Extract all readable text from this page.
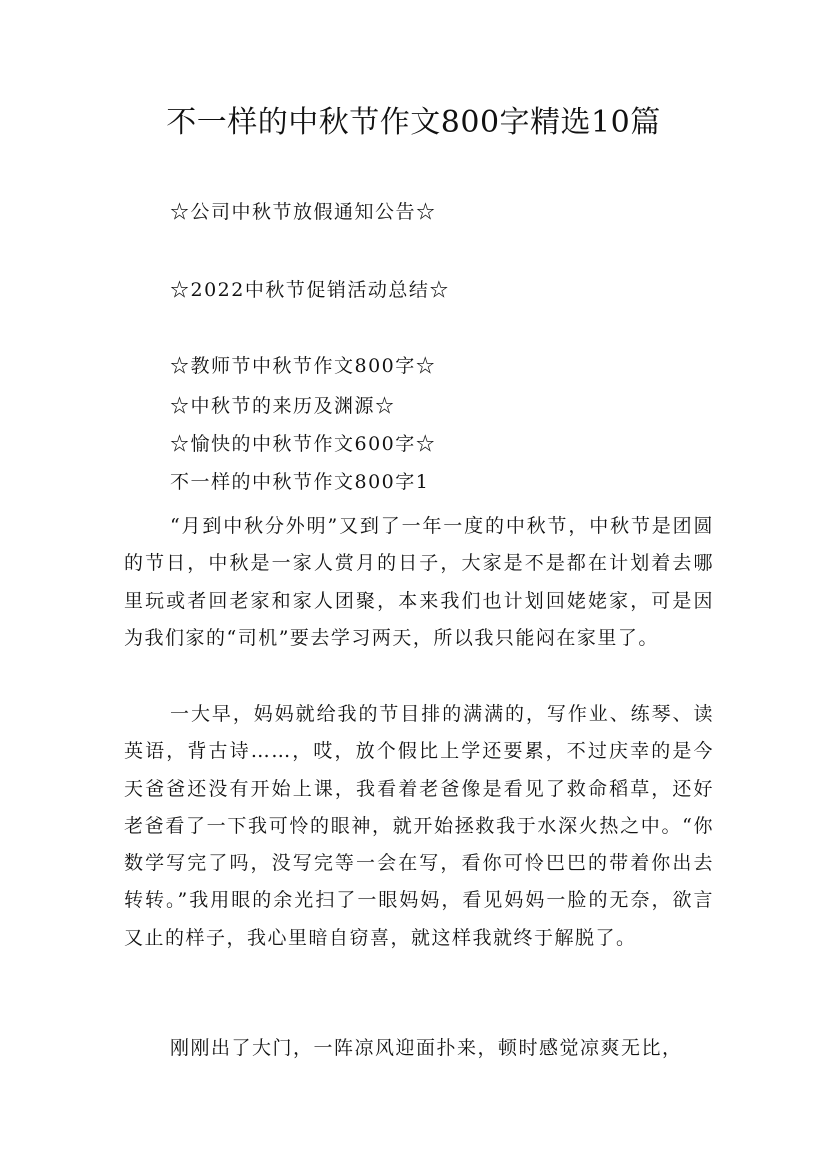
不一样的中秋节作文800字精选10篇

☆公司中秋节放假通知公告☆

☆2022中秋节促销活动总结☆

☆教师节中秋节作文800字☆

☆中秋节的来历及渊源☆

☆愉快的中秋节作文600字☆

不一样的中秋节作文800字1

“月到中秋分外明”又到了一年一度的中秋节，中秋节是团圆的节日，中秋是一家人赏月的日子，大家是不是都在计划着去哪里玩或者回老家和家人团聚，本来我们也计划回姥姥家，可是因为我们家的“司机”要去学习两天，所以我只能闷在家里了。

一大早，妈妈就给我的节目排的满满的，写作业、练琴、读英语，背古诗……，哎，放个假比上学还要累，不过庆幸的是今天爸爸还没有开始上课，我看着老爸像是看见了救命稻草，还好老爸看了一下我可怜的眼神，就开始拯救我于水深火热之中。“你数学写完了吗，没写完等一会在写，看你可怜巴巴的带着你出去转转。”我用眼的余光扫了一眼妈妈，看见妈妈一脸的无奈，欲言又止的样子，我心里暗自窃喜，就这样我就终于解脱了。

刚刚出了大门，一阵凉风迎面扑来，顿时感觉凉爽无比，
